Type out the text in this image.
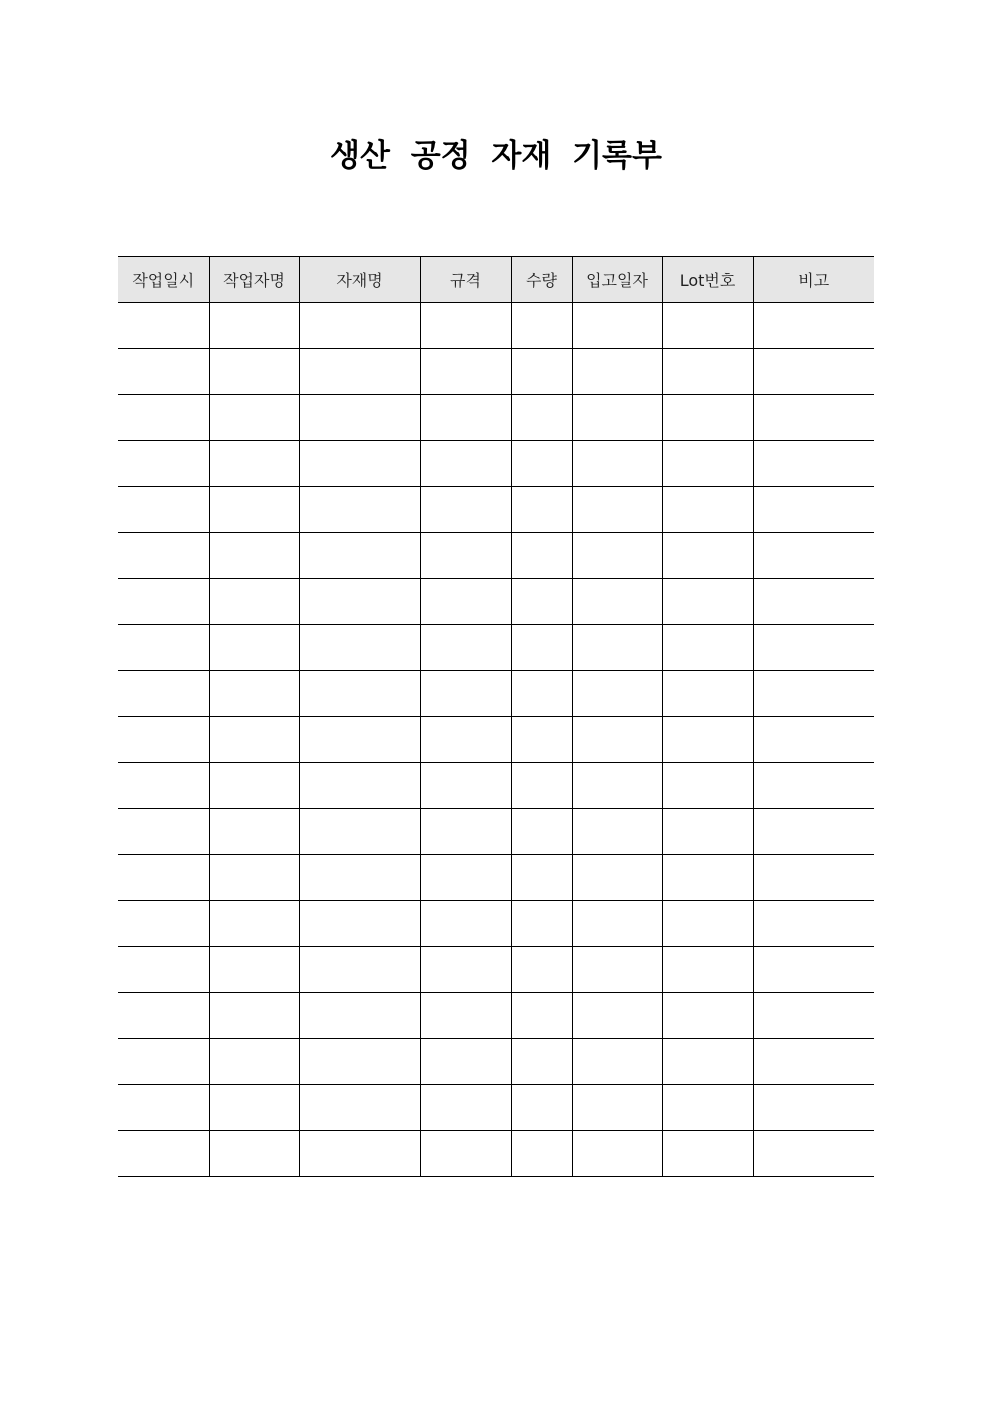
생산 공정 자재 기록부
작업일시	작업자명	자재명	규격	수량	입고일자	Lot번호	비고
